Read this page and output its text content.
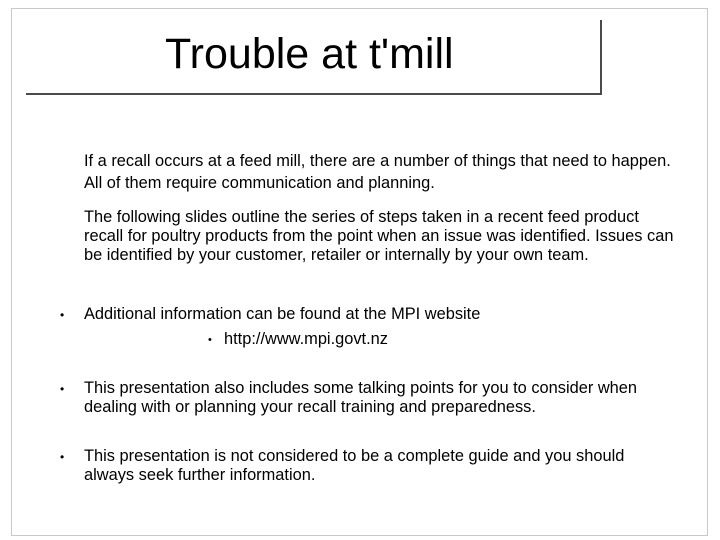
Trouble at t'mill

If a recall occurs at a feed mill, there are a number of things that need to happen. All of them require communication and planning.

The following slides outline the series of steps taken in a recent feed product recall for poultry products from the point when an issue was identified. Issues can be identified by your customer, retailer or internally by your own team.

• Additional information can be found at the MPI website

• http://www.mpi.govt.nz

• This presentation also includes some talking points for you to consider when dealing with or planning your recall training and preparedness.

• This presentation is not considered to be a complete guide and you should always seek further information.
